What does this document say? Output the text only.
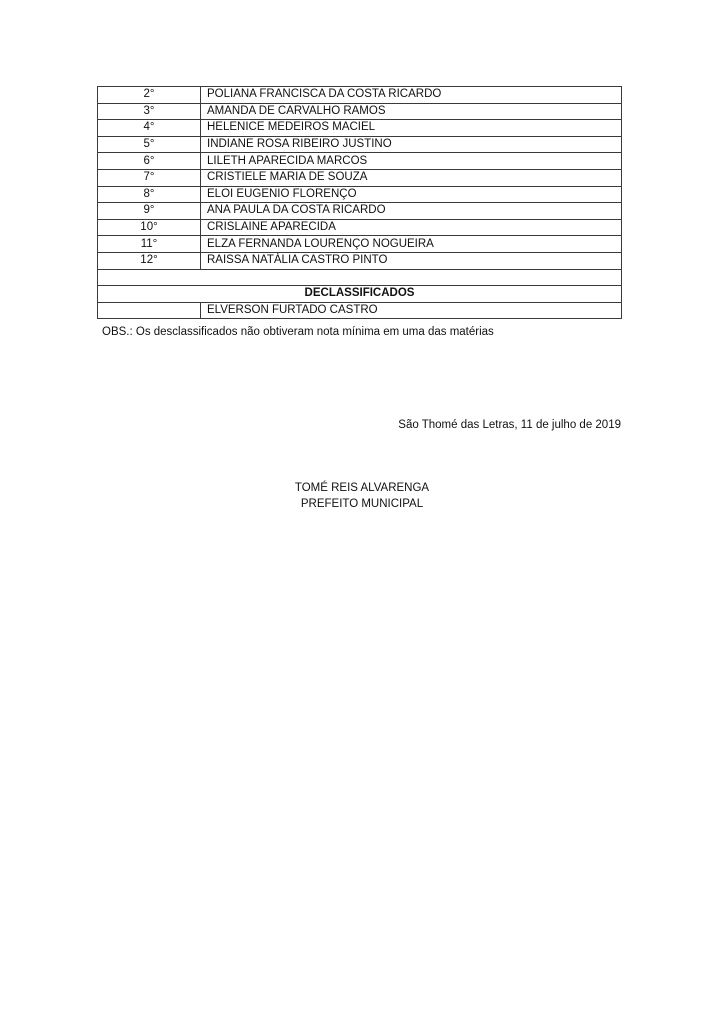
2°	POLIANA FRANCISCA DA COSTA RICARDO
3°	AMANDA DE CARVALHO RAMOS
4°	HELENICE MEDEIROS MACIEL
5°	INDIANE ROSA RIBEIRO JUSTINO
6°	LILETH APARECIDA MARCOS
7°	CRISTIELE MARIA DE SOUZA
8°	ELOI EUGENIO FLORENÇO
9°	ANA PAULA DA COSTA RICARDO
10°	CRISLAINE APARECIDA
11°	ELZA FERNANDA LOURENÇO NOGUEIRA
12°	RAISSA NATÁLIA CASTRO PINTO

DECLASSIFICADOS	
	ELVERSON FURTADO CASTRO
OBS.: Os desclassificados não obtiveram nota mínima em uma das matérias
São Thomé das Letras, 11 de julho de 2019
TOMÉ REIS ALVARENGA
PREFEITO MUNICIPAL
